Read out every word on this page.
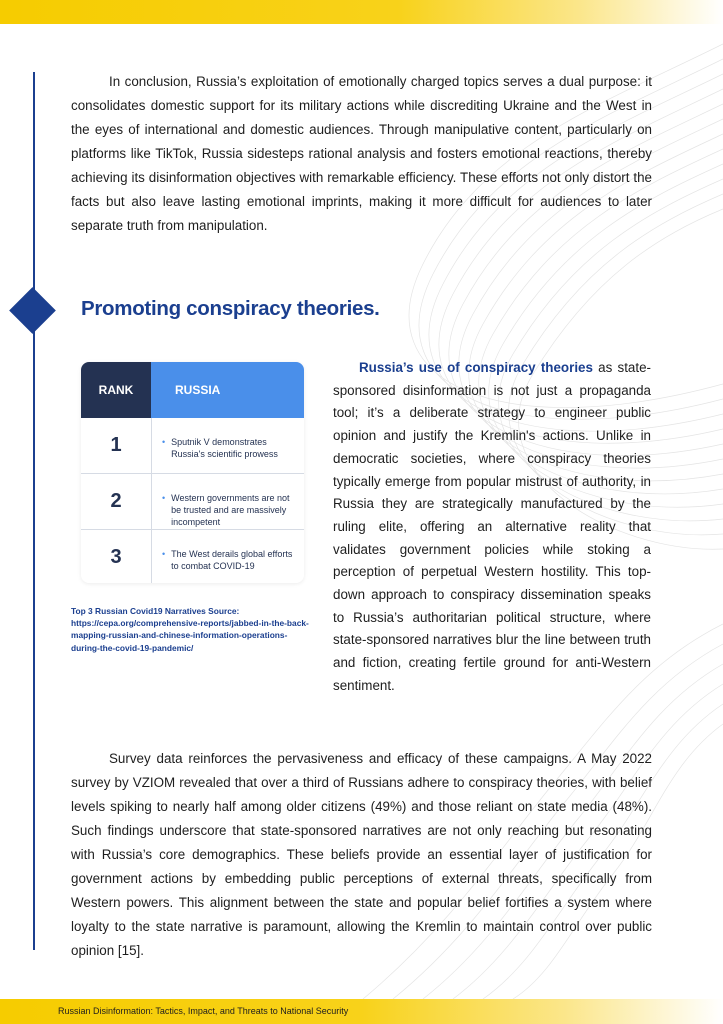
In conclusion, Russia’s exploitation of emotionally charged topics serves a dual purpose: it consolidates domestic support for its military actions while discrediting Ukraine and the West in the eyes of international and domestic audiences. Through manipulative content, particularly on platforms like TikTok, Russia sidesteps rational analysis and fosters emotional reactions, thereby achieving its disinformation objectives with remarkable efficiency. These efforts not only distort the facts but also leave lasting emotional imprints, making it more difficult for audiences to later separate truth from manipulation.

Promoting conspiracy theories.
RANK	RUSSIA
1	• Sputnik V demonstrates Russia's scientific prowess
2	• Western governments are not be trusted and are massively incompetent
3	• The West derails global efforts to combat COVID-19

Top 3 Russian Covid19 Narratives Source: https://cepa.org/comprehensive-reports/jabbed-in-the-back-mapping-russian-and-chinese-information-operations-during-the-covid-19-pandemic/

Russia’s use of conspiracy theories as state-sponsored disinformation is not just a propaganda tool; it’s a deliberate strategy to engineer public opinion and justify the Kremlin's actions. Unlike in democratic societies, where conspiracy theories typically emerge from popular mistrust of authority, in Russia they are strategically manufactured by the ruling elite, offering an alternative reality that validates government policies while stoking a perception of perpetual Western hostility. This top-down approach to conspiracy dissemination speaks to Russia’s authoritarian political structure, where state-sponsored narratives blur the line between truth and fiction, creating fertile ground for anti-Western sentiment.

Survey data reinforces the pervasiveness and efficacy of these campaigns. A May 2022 survey by VZIOM revealed that over a third of Russians adhere to conspiracy theories, with belief levels spiking to nearly half among older citizens (49%) and those reliant on state media (48%). Such findings underscore that state-sponsored narratives are not only reaching but resonating with Russia’s core demographics. These beliefs provide an essential layer of justification for government actions by embedding public perceptions of external threats, specifically from Western powers. This alignment between the state and popular belief fortifies a system where loyalty to the state narrative is paramount, allowing the Kremlin to maintain control over public opinion [15].

Russian Disinformation: Tactics, Impact, and Threats to National Security
